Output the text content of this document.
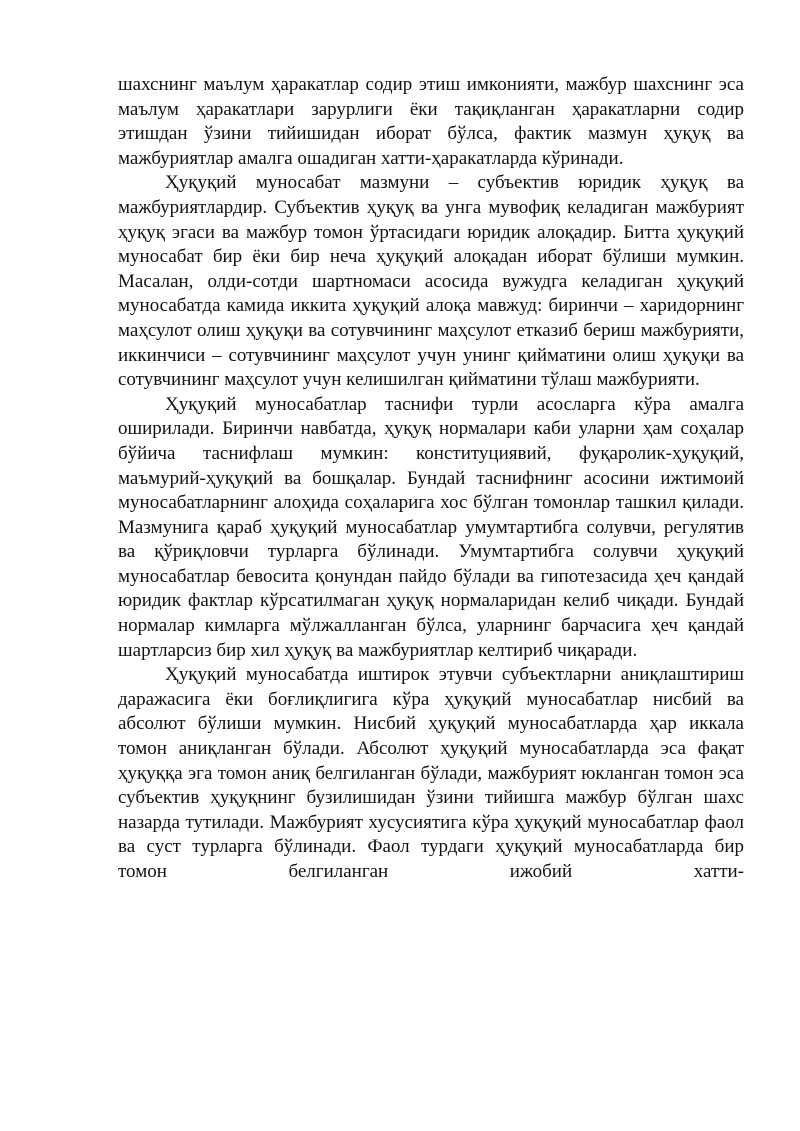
шахснинг маълум ҳаракатлар содир этиш имконияти, мажбур шахснинг эса маълум ҳаракатлари зарурлиги ёки тақиқланган ҳаракатларни содир этишдан ўзини тийишидан иборат бўлса, фактик мазмун ҳуқуқ ва мажбуриятлар амалга ошадиган хатти-ҳаракатларда кўринади.

Ҳуқуқий муносабат мазмуни – субъектив юридик ҳуқуқ ва мажбуриятлардир. Субъектив ҳуқуқ ва унга мувофиқ келадиган мажбурият ҳуқуқ эгаси ва мажбур томон ўртасидаги юридик алоқадир. Битта ҳуқуқий муносабат бир ёки бир неча ҳуқуқий алоқадан иборат бўлиши мумкин. Масалан, олди-сотди шартномаси асосида вужудга келадиган ҳуқуқий муносабатда камида иккита ҳуқуқий алоқа мавжуд: биринчи – харидорнинг маҳсулот олиш ҳуқуқи ва сотувчининг маҳсулот етказиб бериш мажбурияти, иккинчиси – сотувчининг маҳсулот учун унинг қийматини олиш ҳуқуқи ва сотувчининг маҳсулот учун келишилган қийматини тўлаш мажбурияти.

Ҳуқуқий муносабатлар таснифи турли асосларга кўра амалга оширилади. Биринчи навбатда, ҳуқуқ нормалари каби уларни ҳам соҳалар бўйича таснифлаш мумкин: конституциявий, фуқаролик-ҳуқуқий, маъмурий-ҳуқуқий ва бошқалар. Бундай таснифнинг асосини ижтимоий муносабатларнинг алоҳида соҳаларига хос бўлган томонлар ташкил қилади. Мазмунига қараб ҳуқуқий муносабатлар умумтартибга солувчи, регулятив ва қўриқловчи турларга бўлинади. Умумтартибга солувчи ҳуқуқий муносабатлар бевосита қонундан пайдо бўлади ва гипотезасида ҳеч қандай юридик фактлар кўрсатилмаган ҳуқуқ нормаларидан келиб чиқади. Бундай нормалар кимларга мўлжалланган бўлса, уларнинг барчасига ҳеч қандай шартларсиз бир хил ҳуқуқ ва мажбуриятлар келтириб чиқаради.

Ҳуқуқий муносабатда иштирок этувчи субъектларни аниқлаштириш даражасига ёки боғлиқлигига кўра ҳуқуқий муносабатлар нисбий ва абсолют бўлиши мумкин. Нисбий ҳуқуқий муносабатларда ҳар иккала томон аниқланган бўлади. Абсолют ҳуқуқий муносабатларда эса фақат ҳуқуққа эга томон аниқ белгиланган бўлади, мажбурият юкланган томон эса субъектив ҳуқуқнинг бузилишидан ўзини тийишга мажбур бўлган шахс назарда тутилади. Мажбурият хусусиятига кўра ҳуқуқий муносабатлар фаол ва суст турларга бўлинади. Фаол турдаги ҳуқуқий муносабатларда бир томон белгиланган ижобий хатти-
